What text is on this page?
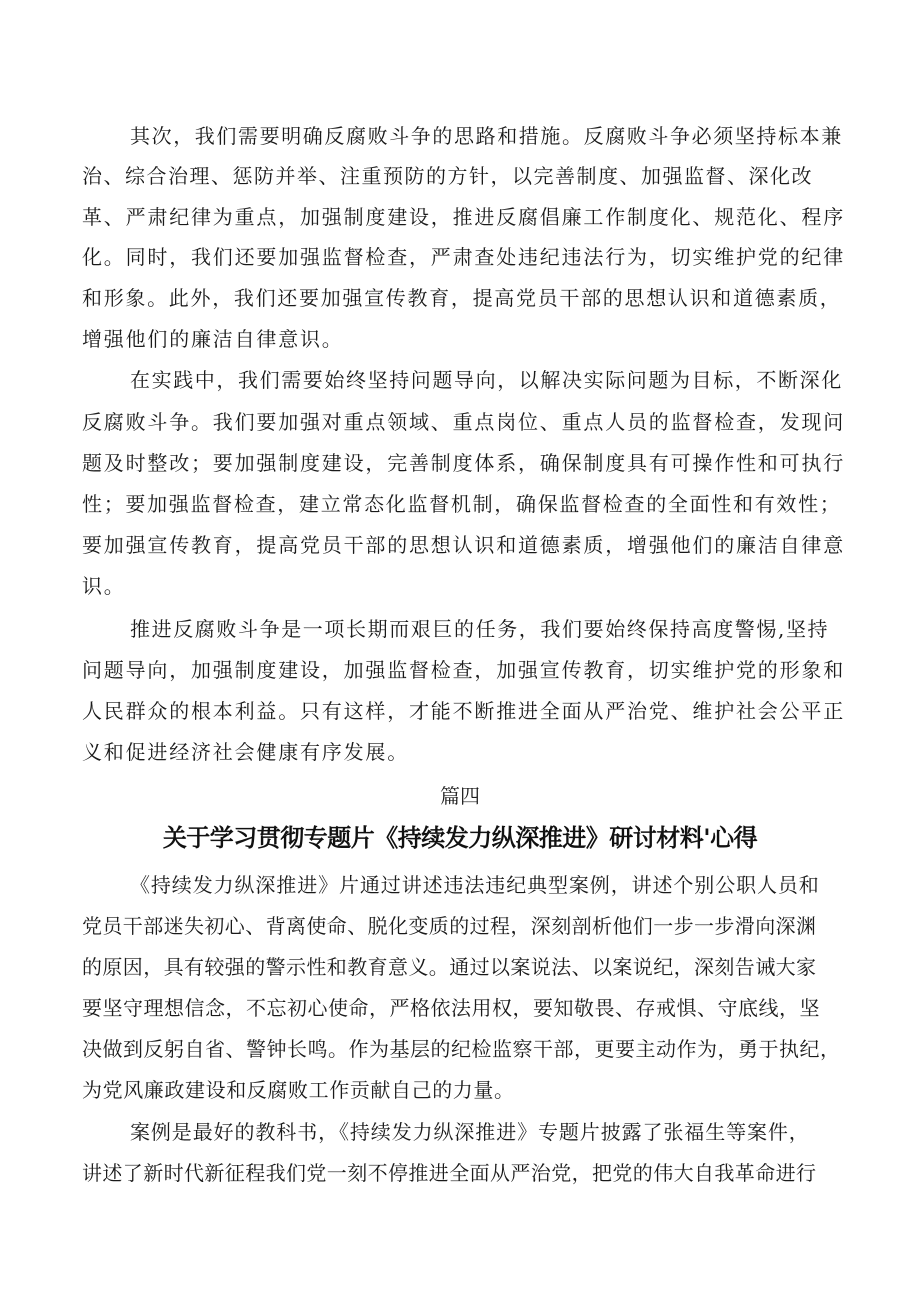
其次，我们需要明确反腐败斗争的思路和措施。反腐败斗争必须坚持标本兼
治、综合治理、惩防并举、注重预防的方针，以完善制度、加强监督、深化改
革、严肃纪律为重点，加强制度建设，推进反腐倡廉工作制度化、规范化、程序
化。同时，我们还要加强监督检查，严肃查处违纪违法行为，切实维护党的纪律
和形象。此外，我们还要加强宣传教育，提高党员干部的思想认识和道德素质，
增强他们的廉洁自律意识。
在实践中，我们需要始终坚持问题导向，以解决实际问题为目标，不断深化
反腐败斗争。我们要加强对重点领域、重点岗位、重点人员的监督检查，发现问
题及时整改；要加强制度建设，完善制度体系，确保制度具有可操作性和可执行
性；要加强监督检查，建立常态化监督机制，确保监督检查的全面性和有效性；
要加强宣传教育，提高党员干部的思想认识和道德素质，增强他们的廉洁自律意
识。
推进反腐败斗争是一项长期而艰巨的任务，我们要始终保持高度警惕,坚持
问题导向，加强制度建设，加强监督检查，加强宣传教育，切实维护党的形象和
人民群众的根本利益。只有这样，才能不断推进全面从严治党、维护社会公平正
义和促进经济社会健康有序发展。
篇四
关于学习贯彻专题片《持续发力纵深推进》研讨材料'心得
《持续发力纵深推进》片通过讲述违法违纪典型案例，讲述个别公职人员和
党员干部迷失初心、背离使命、脱化变质的过程，深刻剖析他们一步一步滑向深渊
的原因，具有较强的警示性和教育意义。通过以案说法、以案说纪，深刻告诫大家
要坚守理想信念，不忘初心使命，严格依法用权，要知敬畏、存戒惧、守底线，坚
决做到反躬自省、警钟长鸣。作为基层的纪检监察干部，更要主动作为，勇于执纪，
为党风廉政建设和反腐败工作贡献自己的力量。
案例是最好的教科书，《持续发力纵深推进》专题片披露了张福生等案件，
讲述了新时代新征程我们党一刻不停推进全面从严治党，把党的伟大自我革命进行
